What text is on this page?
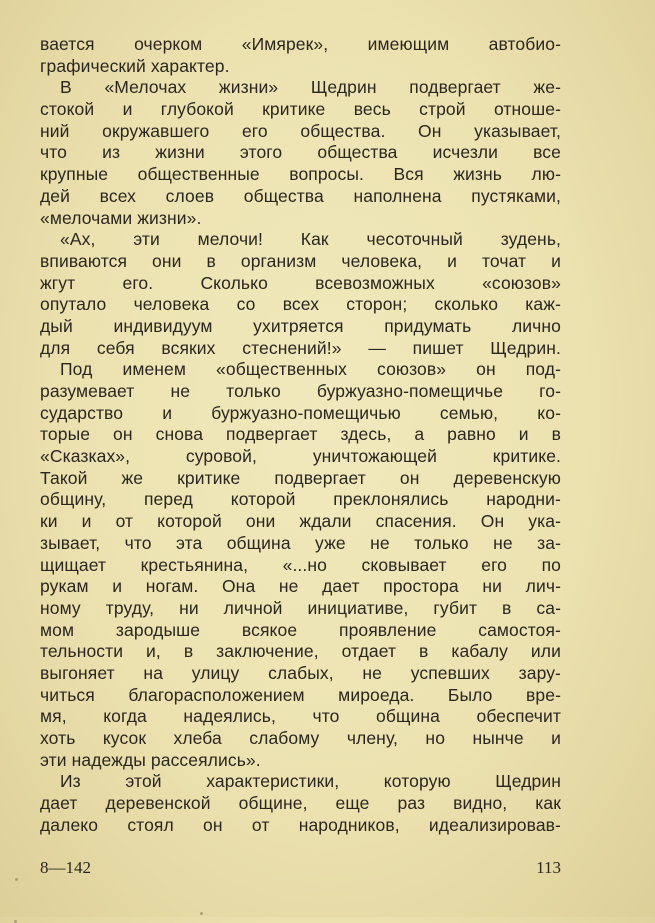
вается очерком «Имярек», имеющим автобио-
графический характер.
В «Мелочах жизни» Щедрин подвергает же-
стокой и глубокой критике весь строй отноше-
ний окружавшего его общества. Он указывает,
что из жизни этого общества исчезли все
крупные общественные вопросы. Вся жизнь лю-
дей всех слоев общества наполнена пустяками,
«мелочами жизни».
«Ах, эти мелочи! Как чесоточный зудень,
впиваются они в организм человека, и точат и
жгут его. Сколько всевозможных «союзов»
опутало человека со всех сторон; сколько каж-
дый индивидуум ухитряется придумать лично
для себя всяких стеснений!» — пишет Щедрин.
Под именем «общественных союзов» он под-
разумевает не только буржуазно-помещичье го-
сударство и буржуазно-помещичью семью, ко-
торые он снова подвергает здесь, а равно и в
«Сказках», суровой, уничтожающей критике.
Такой же критике подвергает он деревенскую
общину, перед которой преклонялись народни-
ки и от которой они ждали спасения. Он ука-
зывает, что эта община уже не только не за-
щищает крестьянина, «...но сковывает его по
рукам и ногам. Она не дает простора ни лич-
ному труду, ни личной инициативе, губит в са-
мом зародыше всякое проявление самостоя-
тельности и, в заключение, отдает в кабалу или
выгоняет на улицу слабых, не успевших зару-
читься благорасположением мироеда. Было вре-
мя, когда надеялись, что община обеспечит
хоть кусок хлеба слабому члену, но нынче и
эти надежды рассеялись».
Из этой характеристики, которую Щедрин
дает деревенской общине, еще раз видно, как
далеко стоял он от народников, идеализировав-
8—142	113
